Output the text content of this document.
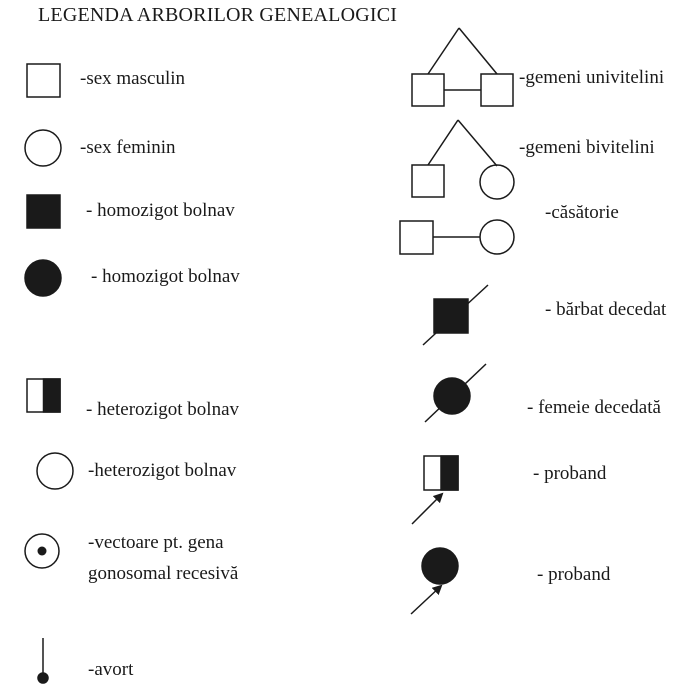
LEGENDA ARBORILOR GENEALOGICI
-sex masculin
-sex feminin
- homozigot bolnav
- homozigot bolnav
- heterozigot bolnav
-heterozigot bolnav
-vectoare pt. gena
gonosomal recesivă
-avort
-gemeni univitelini
-gemeni bivitelini
-căsătorie
- bărbat decedat
- femeie decedată
- proband
- proband
